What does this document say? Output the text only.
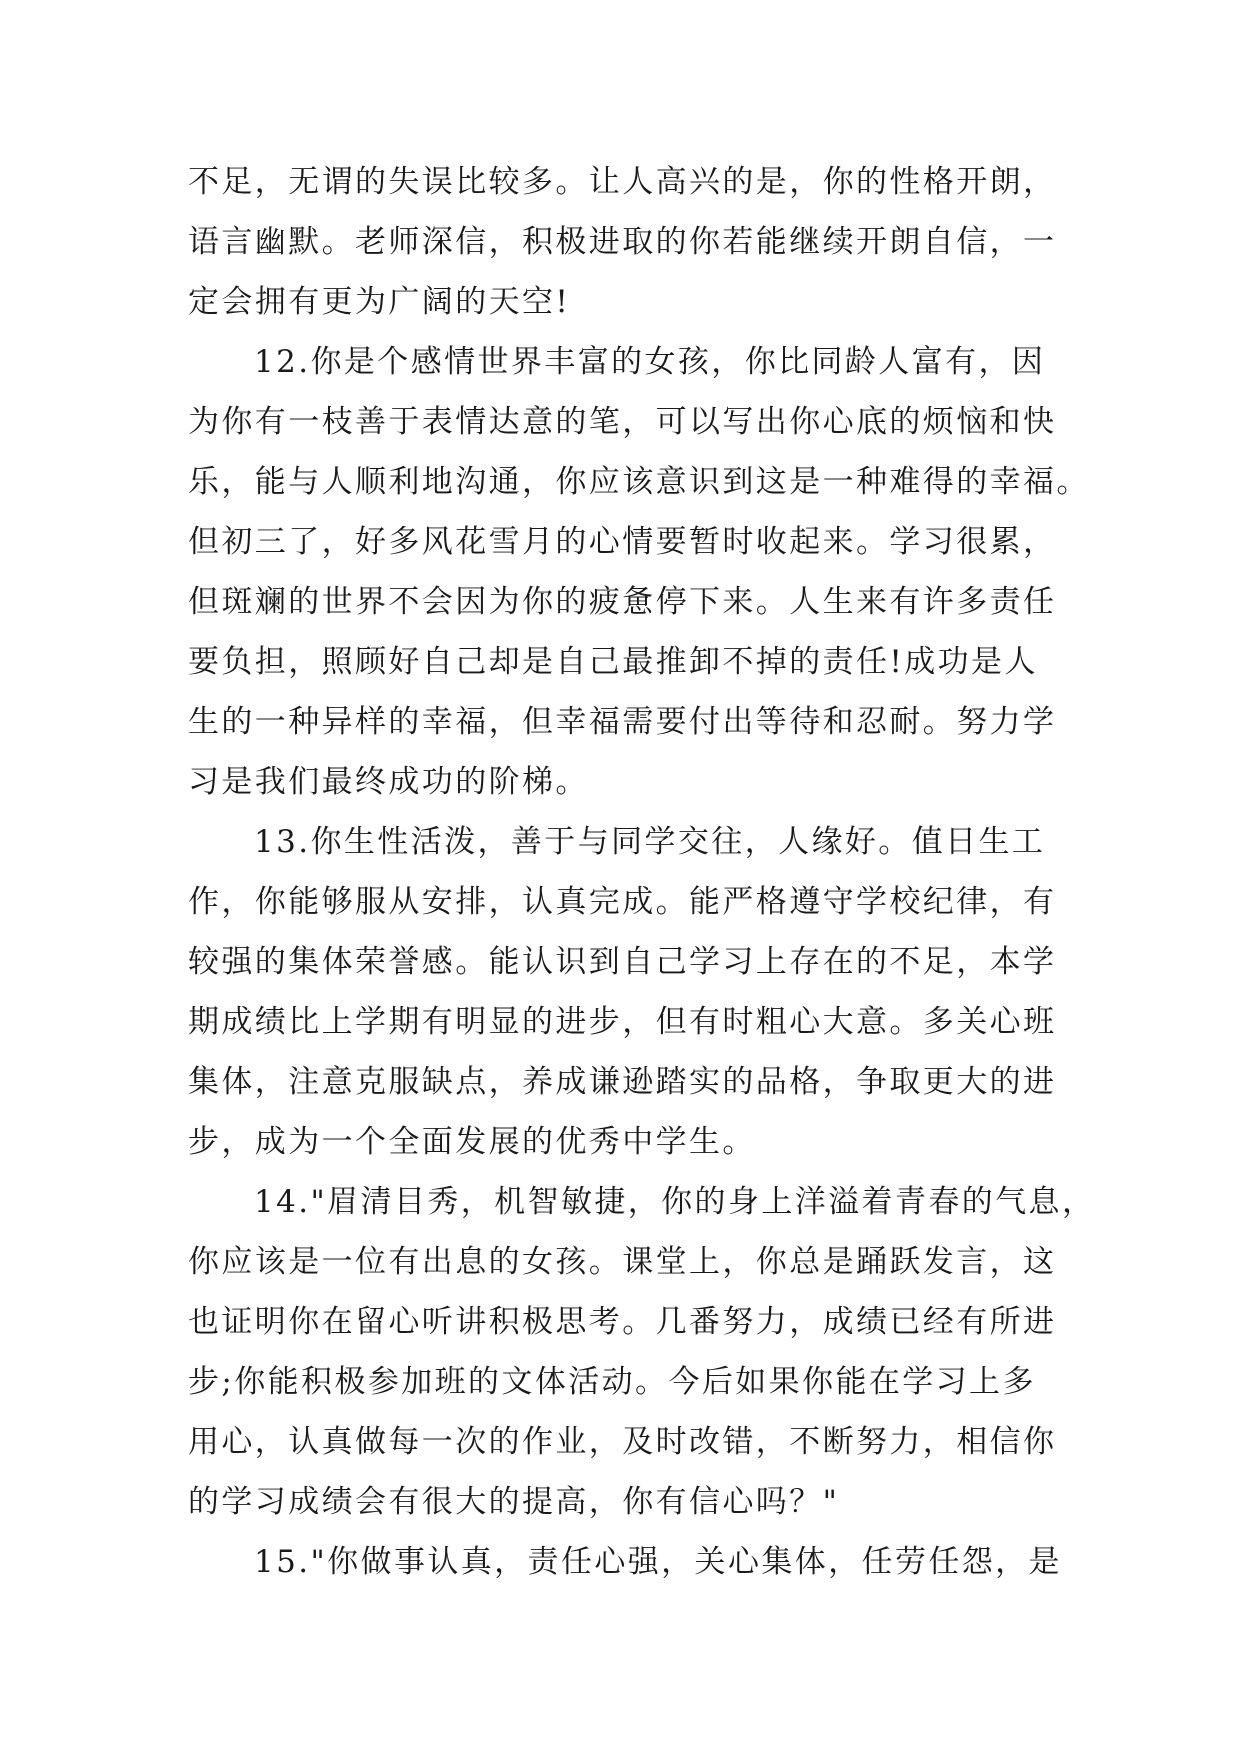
不足，无谓的失误比较多。让人高兴的是，你的性格开朗，
语言幽默。老师深信，积极进取的你若能继续开朗自信，一
定会拥有更为广阔的天空!
12.你是个感情世界丰富的女孩，你比同龄人富有，因
为你有一枝善于表情达意的笔，可以写出你心底的烦恼和快
乐，能与人顺利地沟通，你应该意识到这是一种难得的幸福。
但初三了，好多风花雪月的心情要暂时收起来。学习很累，
但斑斓的世界不会因为你的疲惫停下来。人生来有许多责任
要负担，照顾好自己却是自己最推卸不掉的责任!成功是人
生的一种异样的幸福，但幸福需要付出等待和忍耐。努力学
习是我们最终成功的阶梯。
13.你生性活泼，善于与同学交往，人缘好。值日生工
作，你能够服从安排，认真完成。能严格遵守学校纪律，有
较强的集体荣誉感。能认识到自己学习上存在的不足，本学
期成绩比上学期有明显的进步，但有时粗心大意。多关心班
集体，注意克服缺点，养成谦逊踏实的品格，争取更大的进
步，成为一个全面发展的优秀中学生。
14."眉清目秀，机智敏捷，你的身上洋溢着青春的气息，
你应该是一位有出息的女孩。课堂上，你总是踊跃发言，这
也证明你在留心听讲积极思考。几番努力，成绩已经有所进
步;你能积极参加班的文体活动。今后如果你能在学习上多
用心，认真做每一次的作业，及时改错，不断努力，相信你
的学习成绩会有很大的提高，你有信心吗？"
15."你做事认真，责任心强，关心集体，任劳任怨，是
